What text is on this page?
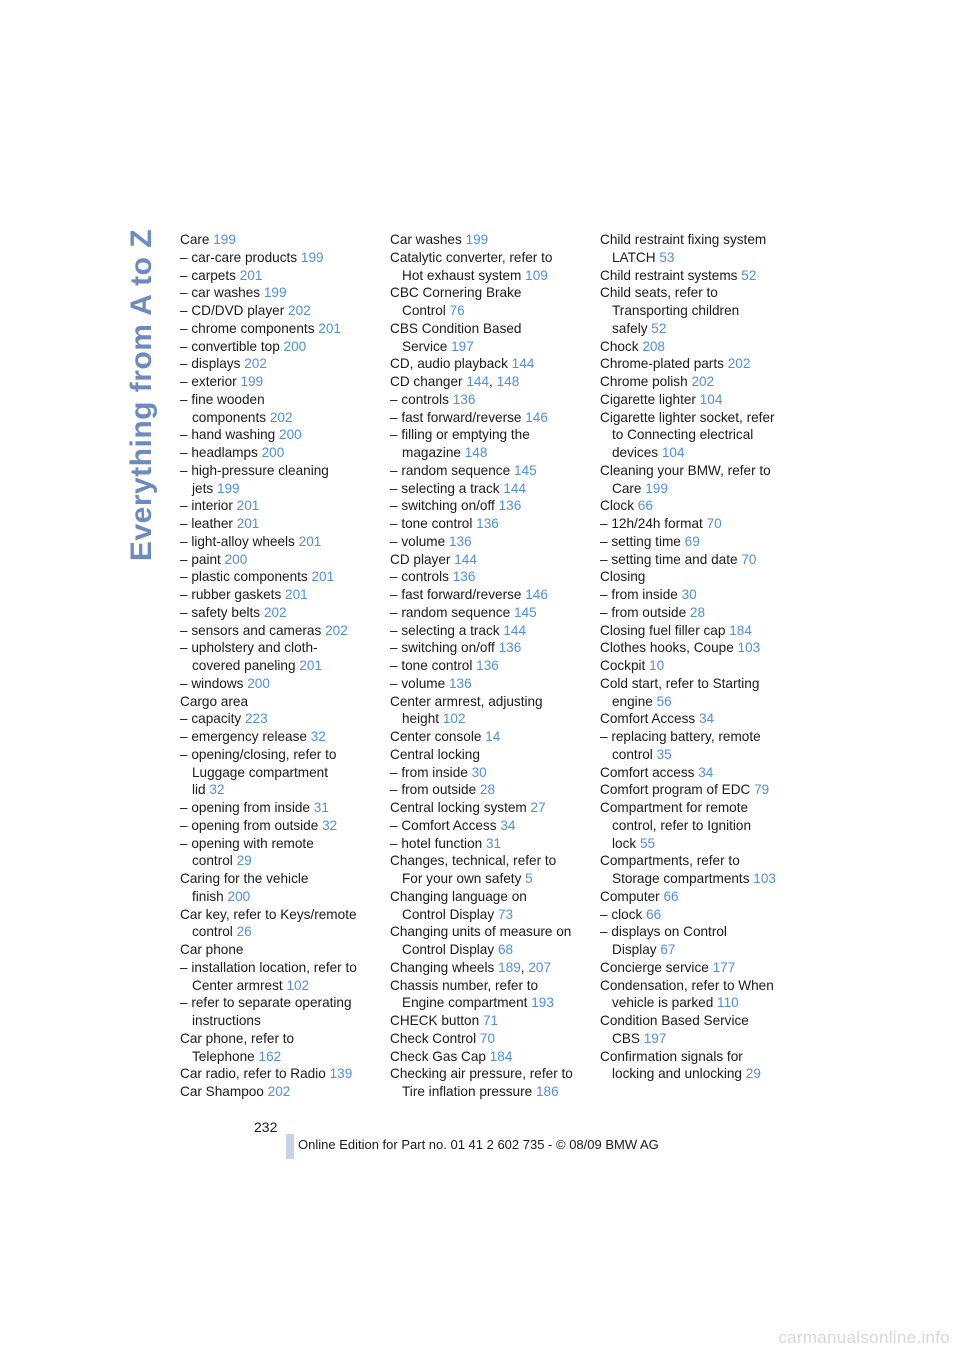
Everything from A to Z Care 199
– car-care products 199
– carpets 201
– car washes 199
– CD/DVD player 202
– chrome components 201
– convertible top 200
– displays 202
– exterior 199
– fine wooden
components 202
– hand washing 200
– headlamps 200
– high-pressure cleaning
jets 199
– interior 201
– leather 201
– light-alloy wheels 201
– paint 200
– plastic components 201
– rubber gaskets 201
– safety belts 202
– sensors and cameras 202
– upholstery and cloth-
covered paneling 201
– windows 200
Cargo area
– capacity 223
– emergency release 32
– opening/closing, refer to
Luggage compartment
lid 32
– opening from inside 31
– opening from outside 32
– opening with remote
control 29
Caring for the vehicle
finish 200
Car key, refer to Keys/remote
control 26
Car phone
– installation location, refer to
Center armrest 102
– refer to separate operating
instructions
Car phone, refer to
Telephone 162
Car radio, refer to Radio 139
Car Shampoo 202
Car washes 199
Catalytic converter, refer to
Hot exhaust system 109
CBC Cornering Brake
Control 76
CBS Condition Based
Service 197
CD, audio playback 144
CD changer 144, 148
– controls 136
– fast forward/reverse 146
– filling or emptying the
magazine 148
– random sequence 145
– selecting a track 144
– switching on/off 136
– tone control 136
– volume 136
CD player 144
– controls 136
– fast forward/reverse 146
– random sequence 145
– selecting a track 144
– switching on/off 136
– tone control 136
– volume 136
Center armrest, adjusting
height 102
Center console 14
Central locking
– from inside 30
– from outside 28
Central locking system 27
– Comfort Access 34
– hotel function 31
Changes, technical, refer to
For your own safety 5
Changing language on
Control Display 73
Changing units of measure on
Control Display 68
Changing wheels 189, 207
Chassis number, refer to
Engine compartment 193
CHECK button 71
Check Control 70
Check Gas Cap 184
Checking air pressure, refer to
Tire inflation pressure 186
Child restraint fixing system
LATCH 53
Child restraint systems 52
Child seats, refer to
Transporting children
safely 52
Chock 208
Chrome-plated parts 202
Chrome polish 202
Cigarette lighter 104
Cigarette lighter socket, refer
to Connecting electrical
devices 104
Cleaning your BMW, refer to
Care 199
Clock 66
– 12h/24h format 70
– setting time 69
– setting time and date 70
Closing
– from inside 30
– from outside 28
Closing fuel filler cap 184
Clothes hooks, Coupe 103
Cockpit 10
Cold start, refer to Starting
engine 56
Comfort Access 34
– replacing battery, remote
control 35
Comfort access 34
Comfort program of EDC 79
Compartment for remote
control, refer to Ignition
lock 55
Compartments, refer to
Storage compartments 103
Computer 66
– clock 66
– displays on Control
Display 67
Concierge service 177
Condensation, refer to When
vehicle is parked 110
Condition Based Service
CBS 197
Confirmation signals for
locking and unlocking 29
232
Online Edition for Part no. 01 41 2 602 735 - © 08/09 BMW AG
carmanualsonline.info
